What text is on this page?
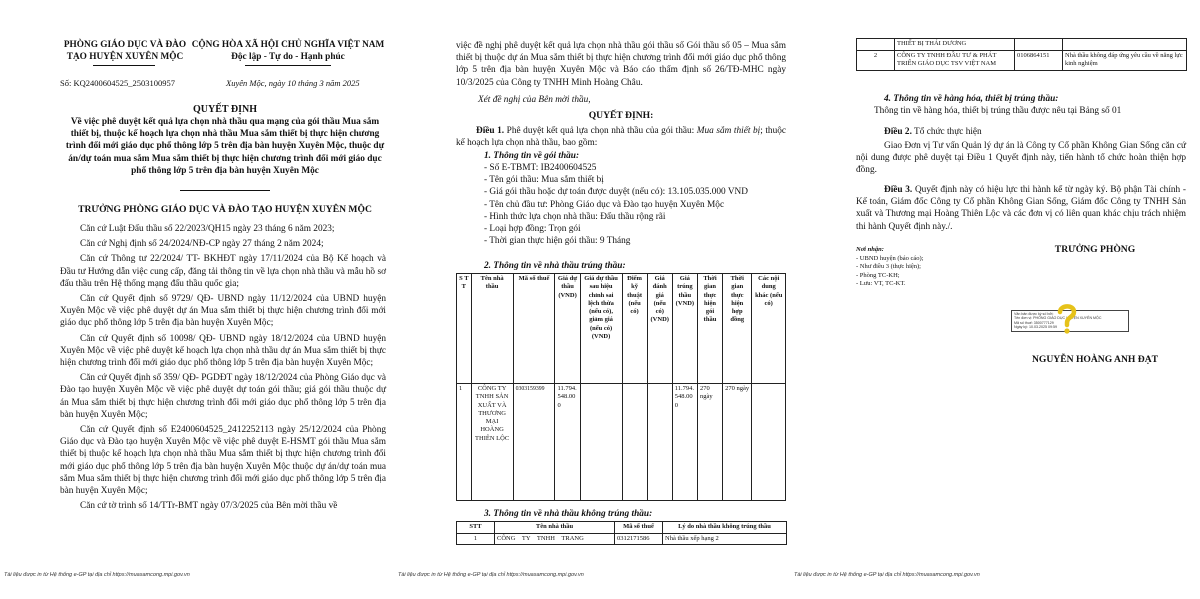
PHÒNG GIÁO DỤC VÀ ĐÀO
TẠO HUYỆN XUYÊN MỘC
CỘNG HÒA XÃ HỘI CHỦ NGHĨA VIỆT NAM
Độc lập - Tự do - Hạnh phúc
Số: KQ2400604525_2503100957	Xuyên Mộc, ngày 10 tháng 3 năm 2025
QUYẾT ĐỊNH
Về việc phê duyệt kết quả lựa chọn nhà thầu qua mạng của gói thầu Mua sắm thiết bị, thuộc kế hoạch lựa chọn nhà thầu Mua sắm thiết bị thực hiện chương trình đổi mới giáo dục phổ thông lớp 5 trên địa bàn huyện Xuyên Mộc, thuộc dự án/dự toán mua sắm Mua sắm thiết bị thực hiện chương trình đổi mới giáo dục phổ thông lớp 5 trên địa bàn huyện Xuyên Mộc
TRƯỞNG PHÒNG GIÁO DỤC VÀ ĐÀO TẠO HUYỆN XUYÊN MỘC

Căn cứ Luật Đấu thầu số 22/2023/QH15 ngày 23 tháng 6 năm 2023;

Căn cứ Nghị định số 24/2024/NĐ-CP ngày 27 tháng 2 năm 2024;

Căn cứ Thông tư 22/2024/ TT- BKHĐT ngày 17/11/2024 của Bộ Kế hoạch và Đầu tư Hướng dẫn việc cung cấp, đăng tải thông tin về lựa chọn nhà thầu và mẫu hồ sơ đấu thầu trên Hệ thống mạng đấu thầu quốc gia;

Căn cứ Quyết định số 9729/ QĐ- UBND ngày 11/12/2024 của UBND huyện Xuyên Mộc về việc phê duyệt dự án Mua sắm thiết bị thực hiện chương trình đổi mới giáo dục phổ thông lớp 5 trên địa bàn huyện Xuyên Mộc;

Căn cứ Quyết định số 10098/ QĐ- UBND ngày 18/12/2024 của UBND huyện Xuyên Mộc về việc phê duyệt kế hoạch lựa chọn nhà thầu dự án Mua sắm thiết bị thực hiện chương trình đổi mới giáo dục phổ thông lớp 5 trên địa bàn huyện Xuyên Mộc;

Căn cứ Quyết định số 359/ QĐ- PGDĐT ngày 18/12/2024 của Phòng Giáo dục và Đào tạo huyện Xuyên Mộc về việc phê duyệt dự toán gói thầu; giá gói thầu thuộc dự án Mua sắm thiết bị thực hiện chương trình đổi mới giáo dục phổ thông lớp 5 trên địa bàn huyện Xuyên Mộc;

Căn cứ Quyết định số E2400604525_2412252113 ngày 25/12/2024 của Phòng Giáo dục và Đào tạo huyện Xuyên Mộc về việc phê duyệt E-HSMT gói thầu Mua sắm thiết bị thuộc kế hoạch lựa chọn nhà thầu Mua sắm thiết bị thực hiện chương trình đổi mới giáo dục phổ thông lớp 5 trên địa bàn huyện Xuyên Mộc thuộc dự án/dự toán mua sắm Mua sắm thiết bị thực hiện chương trình đổi mới giáo dục phổ thông lớp 5 trên địa bàn huyện Xuyên Mộc;

Căn cứ tờ trình số 14/TTr-BMT ngày 07/3/2025 của Bên mời thầu về

Tài liệu được in từ Hệ thống e-GP tại địa chỉ https://muasamcong.mpi.gov.vn
việc đề nghị phê duyệt kết quả lựa chọn nhà thầu gói thầu số Gói thầu số 05 – Mua sắm thiết bị thuộc dự án Mua sắm thiết bị thực hiện chương trình đổi mới giáo dục phổ thông lớp 5 trên địa bàn huyện Xuyên Mộc và Báo cáo thẩm định số 26/TĐ-MHC ngày 10/3/2025 của Công ty TNHH Minh Hoàng Châu.
Xét đề nghị của Bên mời thầu,
QUYẾT ĐỊNH:
Điều 1. Phê duyệt kết quả lựa chọn nhà thầu của gói thầu: Mua sắm thiết bị; thuộc kế hoạch lựa chọn nhà thầu, bao gồm:
1. Thông tin về gói thầu:
- Số E-TBMT: IB2400604525
- Tên gói thầu: Mua sắm thiết bị
- Giá gói thầu hoặc dự toán được duyệt (nếu có): 13.105.035.000 VND
- Tên chủ đầu tư: Phòng Giáo dục và Đào tạo huyện Xuyên Mộc
- Hình thức lựa chọn nhà thầu: Đấu thầu rộng rãi
- Loại hợp đồng: Trọn gói
- Thời gian thực hiện gói thầu: 9 Tháng
2. Thông tin về nhà thầu trúng thầu:
S T T	Tên nhà thầu	Mã số thuế	Giá dự thầu (VND)	Giá dự thầu sau hiệu chỉnh sai lệch thừa (nếu có), giảm giá (nếu có) (VND)	Điểm kỹ thuật (nếu có)	Giá đánh giá (nếu có) (VND)	Giá trúng thầu (VND)	Thời gian thực hiện gói thầu	Thời gian thực hiện hợp đồng	Các nội dung khác (nếu có)
1	CÔNG TY TNHH SẢN XUẤT VÀ THƯƠNG MẠI HOÀNG THIÊN LỘC	0303159399	11.794.548.000				11.794.548.000	270 ngày	270 ngày	
3. Thông tin về nhà thầu không trúng thầu:
STT	Tên nhà thầu	Mã số thuế	Lý do nhà thầu không trúng thầu
1	CÔNG TY TNHH TRANG	0312171586	Nhà thầu xếp hạng 2
Tài liệu được in từ Hệ thống e-GP tại địa chỉ https://muasamcong.mpi.gov.vn
	THIẾT BỊ THÁI DƯƠNG		
2	CÔNG TY TNHH ĐẦU TƯ & PHÁT TRIỂN GIÁO DỤC TSV VIỆT NAM	0106864151	Nhà thầu không đáp ứng yêu cầu về năng lực kinh nghiệm
4. Thông tin về hàng hóa, thiết bị trúng thầu:
Thông tin về hàng hóa, thiết bị trúng thầu được nêu tại Bảng số 01
Điều 2. Tổ chức thực hiện
Giao Đơn vị Tư vấn Quản lý dự án là Công ty Cổ phần Không Gian Sống căn cứ nội dung được phê duyệt tại Điều 1 Quyết định này, tiến hành tổ chức hoàn thiện hợp đồng.
Điều 3. Quyết định này có hiệu lực thi hành kể từ ngày ký. Bộ phận Tài chính - Kế toán, Giám đốc Công ty Cổ phần Không Gian Sống, Giám đốc Công ty TNHH Sản xuất và Thương mại Hoàng Thiên Lộc và các đơn vị có liên quan khác chịu trách nhiệm thi hành Quyết định này./.
Nơi nhận:
- UBND huyện (báo cáo);
- Như điều 3 (thực hiện);
- Phòng TC-KH;
- Lưu: VT, TC-KT.
TRƯỞNG PHÒNG
Văn bản được ký số bởi:
Tên đơn vị: PHÒNG GIÁO DỤC HUYỆN XUYÊN MỘC
Mã số thuế: 3500777129
Ngày ký: 10.03.2025 09:59
NGUYỄN HOÀNG ANH ĐẠT
Tài liệu được in từ Hệ thống e-GP tại địa chỉ https://muasamcong.mpi.gov.vn
